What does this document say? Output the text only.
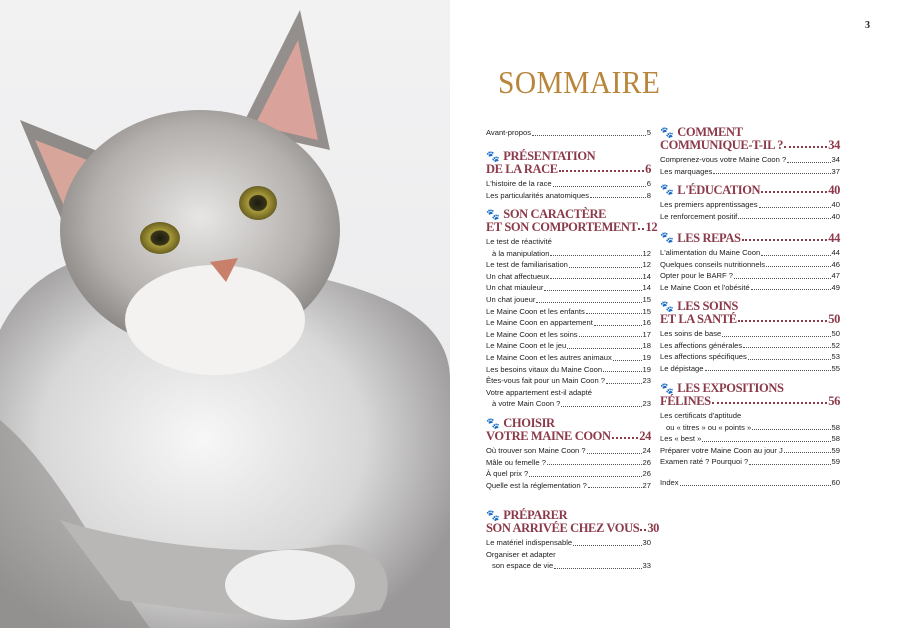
3
SOMMAIRE
Avant-propos	5
🐾 PRÉSENTATION
DE LA RACE	6
L'histoire de la race	6
Les particularités anatomiques	8
🐾 SON CARACTÈRE
ET SON COMPORTEMENT 12
Le test de réactivité
à la manipulation	12
Le test de familiarisation	12
Un chat affectueux	14
Un chat miauleur	14
Un chat joueur	15
Le Maine Coon et les enfants	15
Le Maine Coon en appartement	16
Le Maine Coon et les soins	17
Le Maine Coon et le jeu	18
Le Maine Coon et les autres animaux	19
Les besoins vitaux du Maine Coon	19
Êtes-vous fait pour un Main Coon ?	23
Votre appartement est-il adapté
à votre Main Coon ?	23
🐾 CHOISIR
VOTRE MAINE COON 24
Où trouver son Maine Coon ?	24
Mâle ou femelle ?	26
À quel prix ?	26
Quelle est la réglementation ?	27
🐾 PRÉPARER
SON ARRIVÉE CHEZ VOUS 30
Le matériel indispensable	30
Organiser et adapter
son espace de vie	33
🐾 COMMENT
COMMUNIQUE-T-IL ?	34
Comprenez-vous votre Maine Coon ?	34
Les marquages	37
🐾 L'ÉDUCATION	40
Les premiers apprentissages	40
Le renforcement positif	40
🐾 LES REPAS	44
L'alimentation du Maine Coon	44
Quelques conseils nutritionnels	46
Opter pour le BARF ?	47
Le Maine Coon et l'obésité	49
🐾 LES SOINS
ET LA SANTÉ	50
Les soins de base	50
Les affections générales	52
Les affections spécifiques	53
Le dépistage	55
🐾 LES EXPOSITIONS
FÉLINES	56
Les certificats d'aptitude
ou « titres » ou « points »	58
Les « best »	58
Préparer votre Maine Coon au jour J	59
Examen raté ? Pourquoi ?	59
Index	60
